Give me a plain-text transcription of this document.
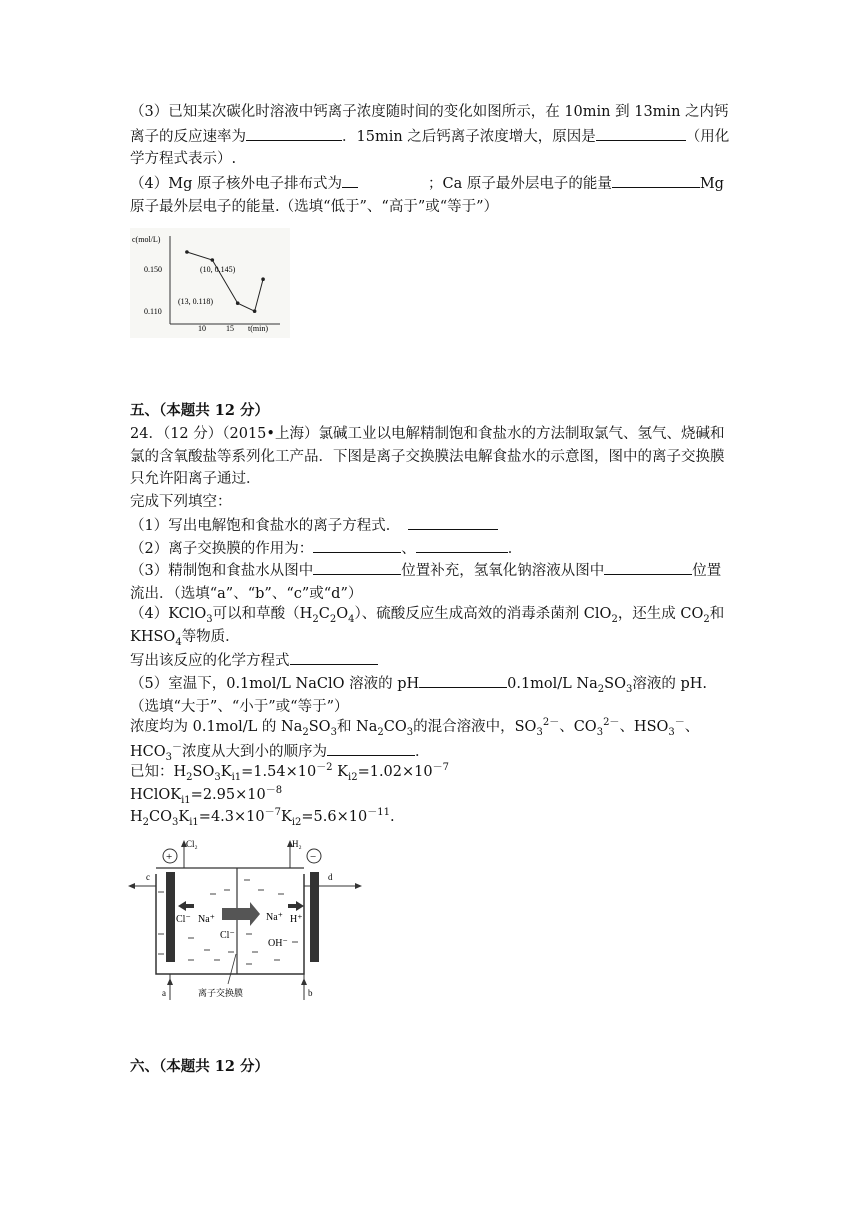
（3）已知某次碳化时溶液中钙离子浓度随时间的变化如图所示，在 10min 到 13min 之内钙离子的反应速率为	．15min 之后钙离子浓度增大，原因是	（用化学方程式表示）.
（4）Mg 原子核外电子排布式为	；Ca 原子最外层电子的能量	Mg 原子最外层电子的能量.（选填“低于”、“高于”或“等于”）
c(mol/L)
t(min)
0.150
0.110
10	15
(10, 0.145)
(13, 0.118)
五、（本题共 12 分）
24．（12 分）（2015•上海）氯碱工业以电解精制饱和食盐水的方法制取氯气、氢气、烧碱和氯的含氧酸盐等系列化工产品．下图是离子交换膜法电解食盐水的示意图，图中的离子交换膜只允许阳离子通过．
完成下列填空：
（1）写出电解饱和食盐水的离子方程式．
（2）离子交换膜的作用为：	、	．
（3）精制饱和食盐水从图中	位置补充，氢氧化钠溶液从图中	位置流出．（选填“a”、“b”、“c”或“d”）
（4）KClO$_3$可以和草酸$(H_2C_2O_4)$、硫酸反应生成高效的消毒杀菌剂 ClO$_2$，还生成 $CO_2$和 $KHSO_4$等物质．
写出该反应的化学方程式
（5）室温下，0.1mol/L NaClO 溶液的 pH	0.1mol/L $Na_2SO_3$溶液的 pH.（选填“大于”、“小于”或“等于”）
浓度均为 0.1mol/L 的 $Na_2SO_3$和 $Na_2CO_3$的混合溶液中，$SO_3^{2-}$、$CO_3^{2-}$、$HSO_3^-$、$HCO_3^-$浓度从大到小的顺序为	．
已知：$H_2SO_3K_{i1}=1.54\times 10^{-2}$ $K_{i2}=1.02\times 10^{-7}$
$HClOK_{i1}=2.95\times 10^{-8}$
$H_2CO_3K_{i1}=4.3\times 10^{-7}K_{i2}=5.6\times 10^{-11}$.
Cl₂	H₂
+	−
c	d
a	b
Cl⁻ Na⁺
Cl⁻
Na⁺ H⁺
OH⁻
离子交换膜
六、（本题共 12 分）
